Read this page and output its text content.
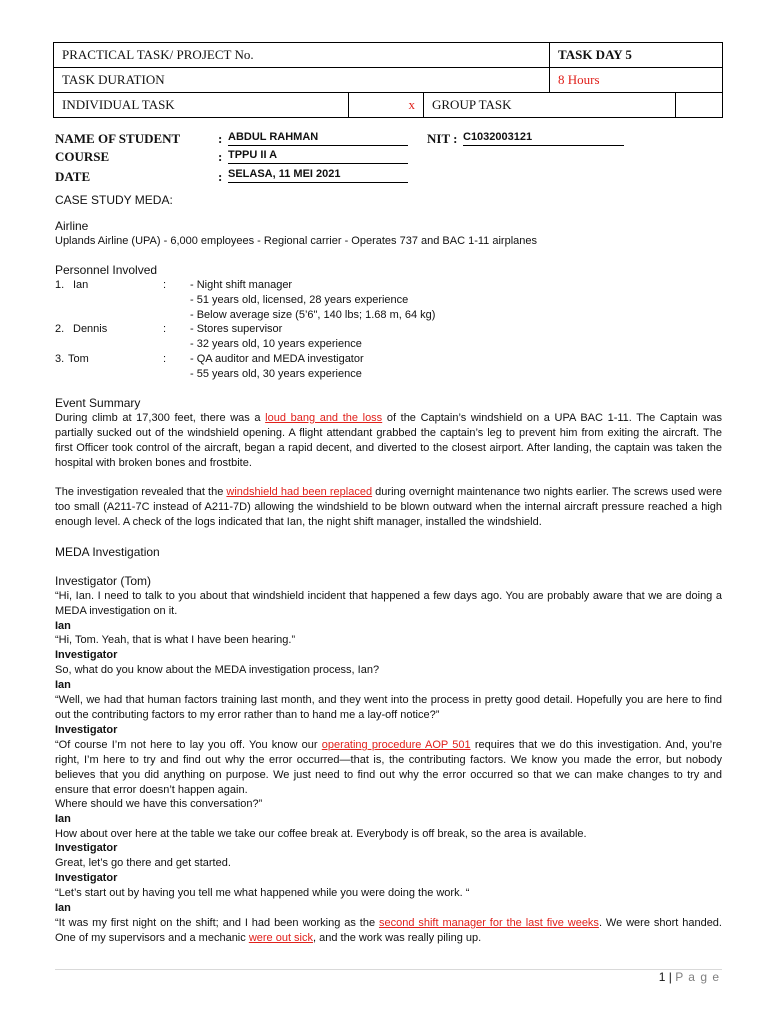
PRACTICAL TASK/ PROJECT No.			TASK DAY 5	
TASK DURATION			8 Hours	
INDIVIDUAL TASK	x	GROUP TASK		
NAME OF STUDENT	: ABDUL RAHMAN	NIT : C1032003121
COURSE	: TPPU II A
DATE	: SELASA, 11 MEI 2021
CASE STUDY MEDA:
Airline
Uplands Airline (UPA) - 6,000 employees - Regional carrier - Operates 737 and BAC 1-11 airplanes
Personnel Involved
1. Ian	: - Night shift manager
- 51 years old, licensed, 28 years experience
- Below average size (5’6", 140 lbs; 1.68 m, 64 kg)
2. Dennis	: - Stores supervisor
- 32 years old, 10 years experience
3. Tom	: - QA auditor and MEDA investigator
- 55 years old, 30 years experience
Event Summary
During climb at 17,300 feet, there was a loud bang and the loss of the Captain’s windshield on a UPA BAC 1-11. The Captain was partially sucked out of the windshield opening. A flight attendant grabbed the captain’s leg to prevent him from exiting the aircraft. The first Officer took control of the aircraft, began a rapid decent, and diverted to the closest airport. After landing, the captain was taken the hospital with broken bones and frostbite.
The investigation revealed that the windshield had been replaced during overnight maintenance two nights earlier. The screws used were too small (A211-7C instead of A211-7D) allowing the windshield to be blown outward when the internal aircraft pressure reached a high enough level. A check of the logs indicated that Ian, the night shift manager, installed the windshield.
MEDA Investigation
Investigator (Tom)
“Hi, Ian. I need to talk to you about that windshield incident that happened a few days ago. You are probably aware that we are doing a MEDA investigation on it.
Ian
“Hi, Tom. Yeah, that is what I have been hearing.”
Investigator
So, what do you know about the MEDA investigation process, Ian?
Ian
“Well, we had that human factors training last month, and they went into the process in pretty good detail. Hopefully you are here to find out the contributing factors to my error rather than to hand me a lay-off notice?”
Investigator
“Of course I’m not here to lay you off. You know our operating procedure AOP 501 requires that we do this investigation. And, you’re right, I’m here to try and find out why the error occurred—that is, the contributing factors. We know you made the error, but nobody believes that you did anything on purpose. We just need to find out why the error occurred so that we can make changes to try and ensure that error doesn’t happen again.
Where should we have this conversation?”
Ian
How about over here at the table we take our coffee break at. Everybody is off break, so the area is available.
Investigator
Great, let’s go there and get started.
Investigator
“Let’s start out by having you tell me what happened while you were doing the work. “
Ian
“It was my first night on the shift; and I had been working as the second shift manager for the last five weeks. We were short handed. One of my supervisors and a mechanic were out sick, and the work was really piling up.
1 | P a g e
